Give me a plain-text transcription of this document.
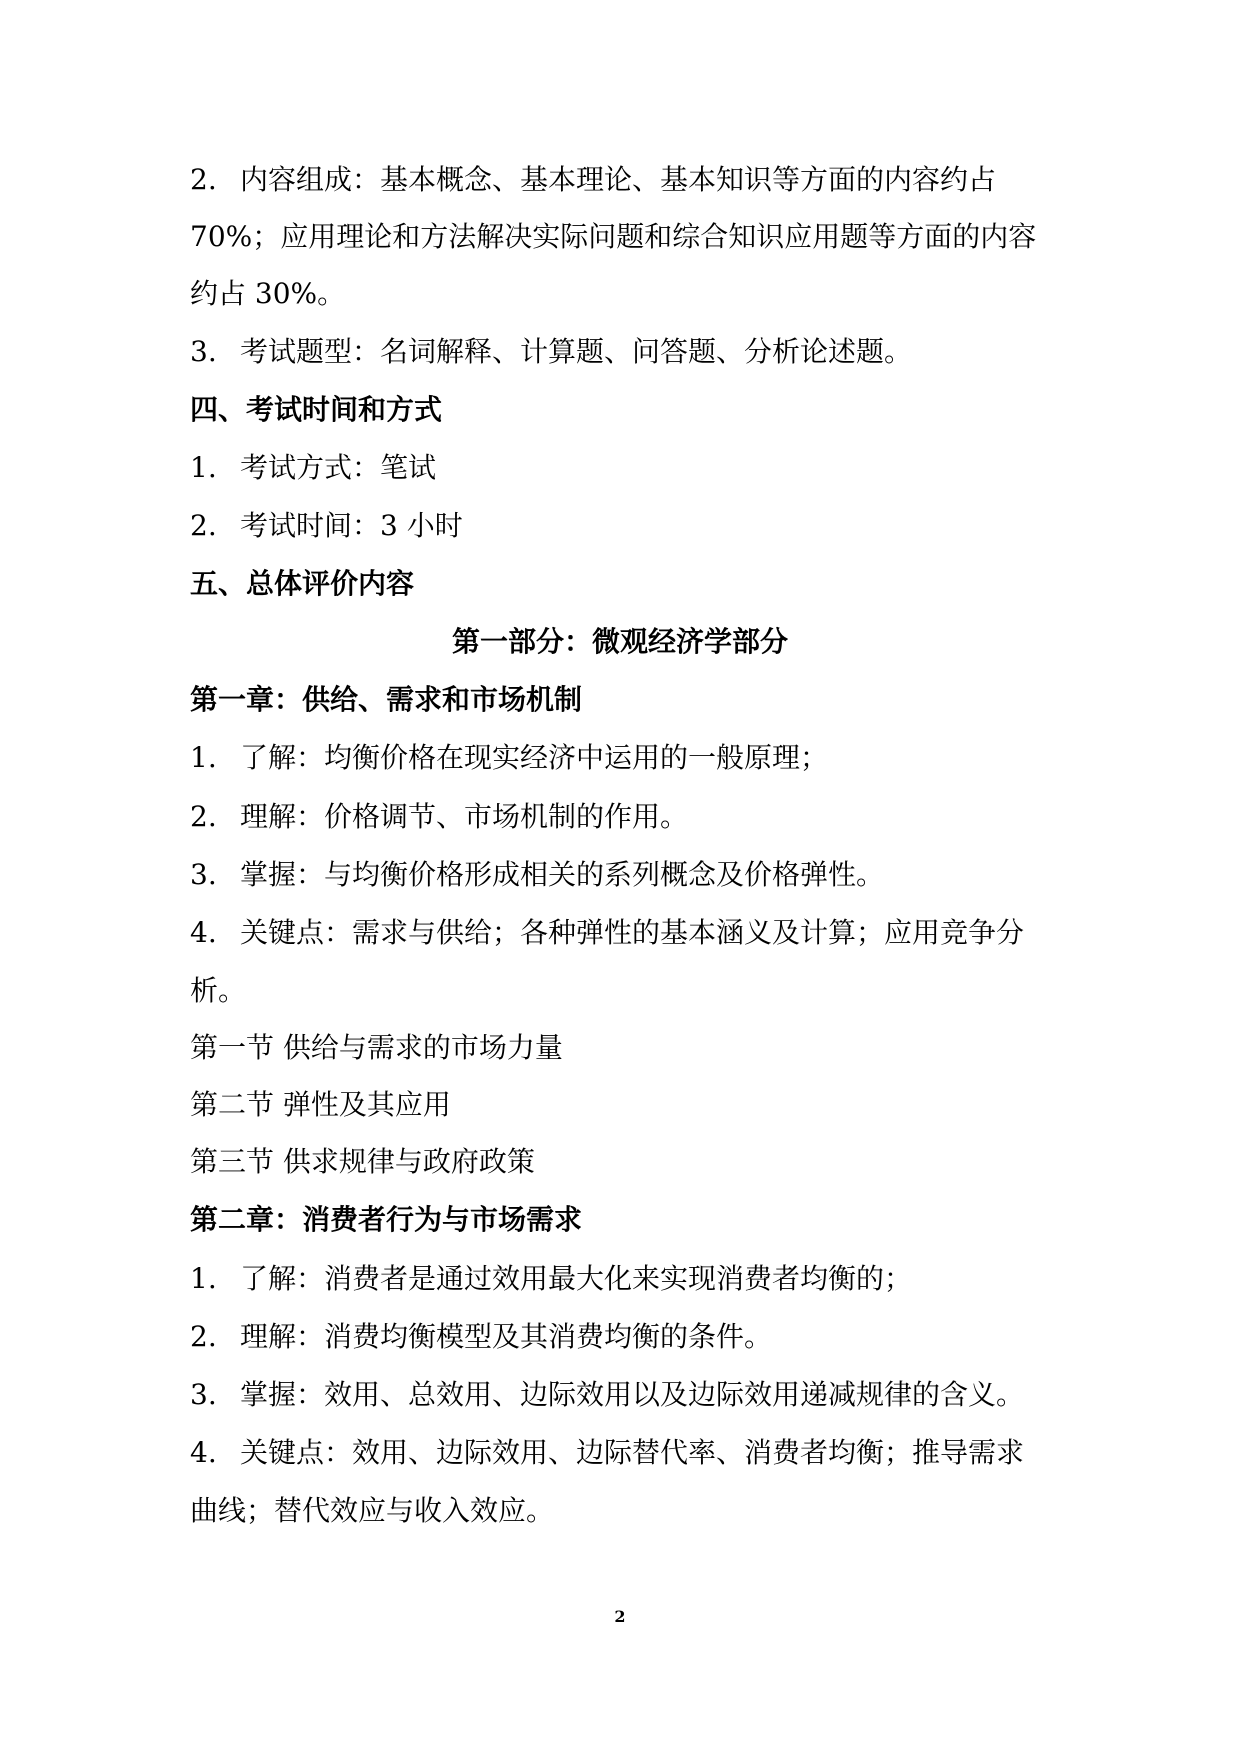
2. 内容组成：基本概念、基本理论、基本知识等方面的内容约占
70%；应用理论和方法解决实际问题和综合知识应用题等方面的内容
约占 30%。
3. 考试题型：名词解释、计算题、问答题、分析论述题。
四、考试时间和方式
1. 考试方式：笔试
2. 考试时间：3 小时
五、总体评价内容
第一部分：微观经济学部分
第一章：供给、需求和市场机制
1. 了解：均衡价格在现实经济中运用的一般原理；
2. 理解：价格调节、市场机制的作用。
3. 掌握：与均衡价格形成相关的系列概念及价格弹性。
4. 关键点：需求与供给；各种弹性的基本涵义及计算；应用竞争分
析。
第一节 供给与需求的市场力量
第二节 弹性及其应用
第三节 供求规律与政府政策
第二章：消费者行为与市场需求
1. 了解：消费者是通过效用最大化来实现消费者均衡的；
2. 理解：消费均衡模型及其消费均衡的条件。
3. 掌握：效用、总效用、边际效用以及边际效用递减规律的含义。
4. 关键点：效用、边际效用、边际替代率、消费者均衡；推导需求
曲线；替代效应与收入效应。
2
